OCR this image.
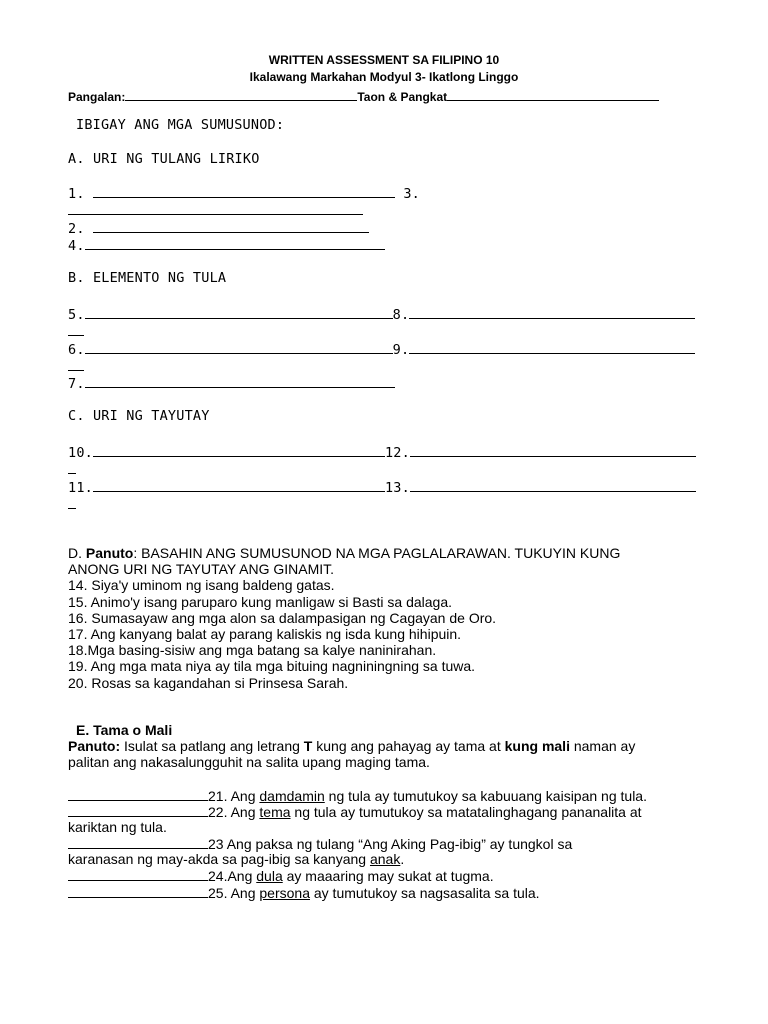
WRITTEN ASSESSMENT SA FILIPINO 10
Ikalawang Markahan Modyul 3- Ikatlong Linggo
Pangalan:	Taon & Pangkat
IBIGAY ANG MGA SUMUSUNOD:
A. URI NG TULANG LIRIKO
1.	3.
2.
4.
B. ELEMENTO NG TULA
5.	8.
6.	9.
7.
C. URI NG TAYUTAY
10.	12.
11.	13.
D. Panuto: BASAHIN ANG SUMUSUNOD NA MGA PAGLALARAWAN. TUKUYIN KUNG
ANONG URI NG TAYUTAY ANG GINAMIT.
14. Siya'y uminom ng isang baldeng gatas.
15. Animo'y isang paruparo kung manligaw si Basti sa dalaga.
16. Sumasayaw ang mga alon sa dalampasigan ng Cagayan de Oro.
17. Ang kanyang balat ay parang kaliskis ng isda kung hihipuin.
18.Mga basing-sisiw ang mga batang sa kalye naninirahan.
19. Ang mga mata niya ay tila mga bituing nagniningning sa tuwa.
20. Rosas sa kagandahan si Prinsesa Sarah.
E. Tama o Mali
Panuto: Isulat sa patlang ang letrang T kung ang pahayag ay tama at kung mali naman ay
palitan ang nakasalungguhit na salita upang maging tama.
21. Ang damdamin ng tula ay tumutukoy sa kabuuang kaisipan ng tula.
22. Ang tema ng tula ay tumutukoy sa matatalinghagang pananalita at
kariktan ng tula.
23 Ang paksa ng tulang “Ang Aking Pag-ibig” ay tungkol sa
karanasan ng may-akda sa pag-ibig sa kanyang anak.
24.Ang dula ay maaaring may sukat at tugma.
25. Ang persona ay tumutukoy sa nagsasalita sa tula.
